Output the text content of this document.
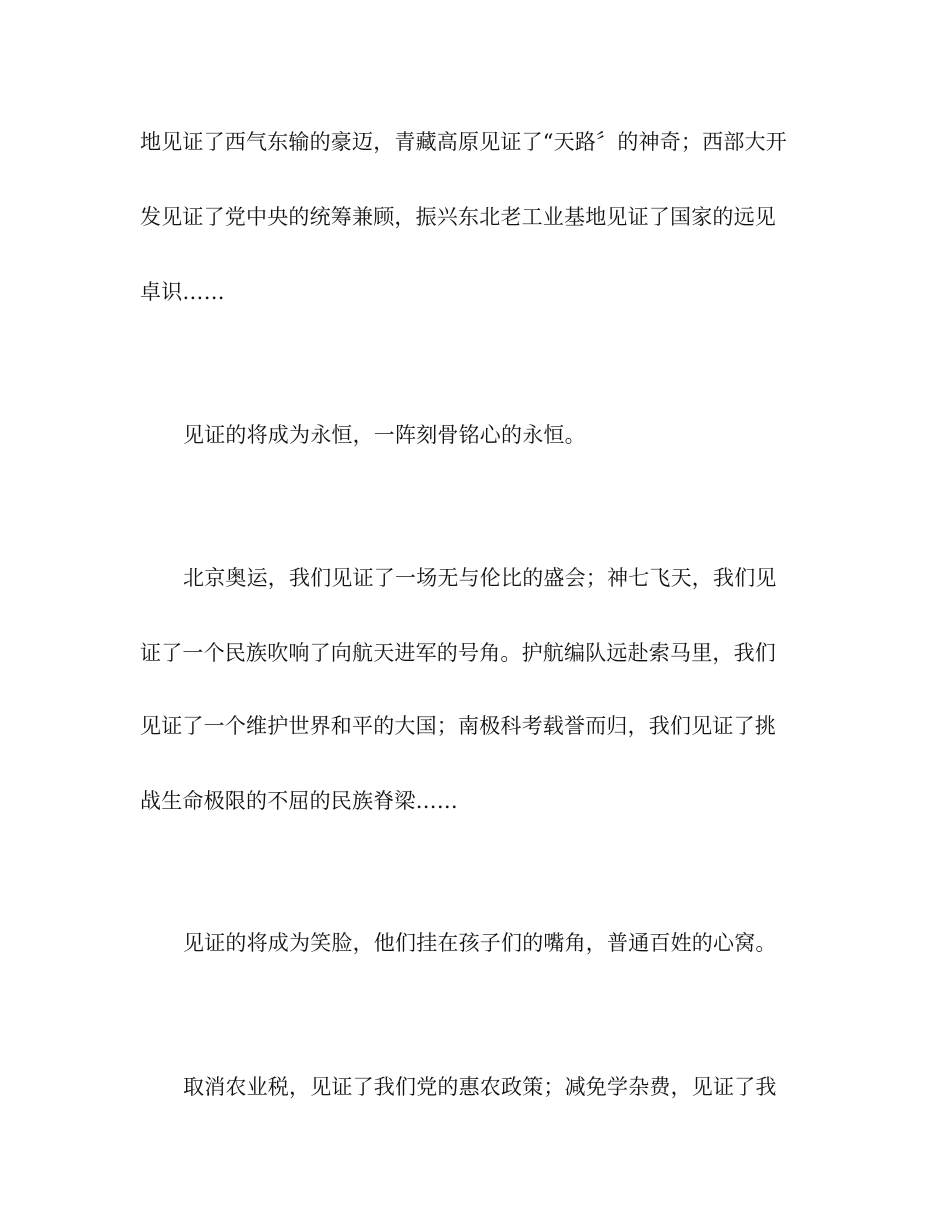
地见证了西气东输的豪迈，青藏高原见证了“天路〞的神奇；西部大开
发见证了党中央的统筹兼顾，振兴东北老工业基地见证了国家的远见
卓识……
见证的将成为永恒，一阵刻骨铭心的永恒。
北京奥运，我们见证了一场无与伦比的盛会；神七飞天，我们见
证了一个民族吹响了向航天进军的号角。护航编队远赴索马里，我们
见证了一个维护世界和平的大国；南极科考载誉而归，我们见证了挑
战生命极限的不屈的民族脊梁……
见证的将成为笑脸，他们挂在孩子们的嘴角，普通百姓的心窝。
取消农业税，见证了我们党的惠农政策；减免学杂费，见证了我
